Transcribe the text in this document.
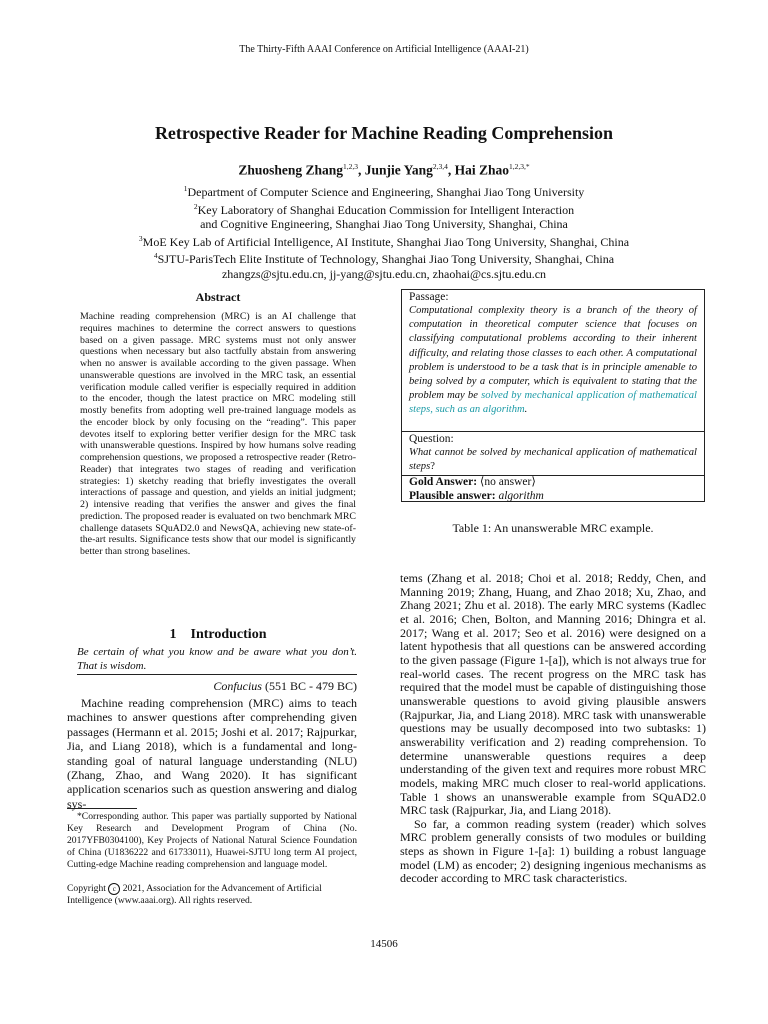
The Thirty-Fifth AAAI Conference on Artificial Intelligence (AAAI-21)
Retrospective Reader for Machine Reading Comprehension
Zhuosheng Zhang$^{1,2,3}$, Junjie Yang$^{2,3,4}$, Hai Zhao$^{1,2,3,*}$
$^1$Department of Computer Science and Engineering, Shanghai Jiao Tong University
$^2$Key Laboratory of Shanghai Education Commission for Intelligent Interaction
and Cognitive Engineering, Shanghai Jiao Tong University, Shanghai, China
$^3$MoE Key Lab of Artificial Intelligence, AI Institute, Shanghai Jiao Tong University, Shanghai, China
$^4$SJTU-ParisTech Elite Institute of Technology, Shanghai Jiao Tong University, Shanghai, China
zhangzs@sjtu.edu.cn, jj-yang@sjtu.edu.cn, zhaohai@cs.sjtu.edu.cn
Abstract
Machine reading comprehension (MRC) is an AI challenge that requires machines to determine the correct answers to questions based on a given passage. MRC systems must not only answer questions when necessary but also tactfully abstain from answering when no answer is available according to the given passage. When unanswerable questions are involved in the MRC task, an essential verification module called verifier is especially required in addition to the encoder, though the latest practice on MRC modeling still mostly benefits from adopting well pre-trained language models as the encoder block by only focusing on the “reading”. This paper devotes itself to exploring better verifier design for the MRC task with unanswerable questions. Inspired by how humans solve reading comprehension questions, we proposed a retrospective reader (Retro-Reader) that integrates two stages of reading and verification strategies: 1) sketchy reading that briefly investigates the overall interactions of passage and question, and yields an initial judgment; 2) intensive reading that verifies the answer and gives the final prediction. The proposed reader is evaluated on two benchmark MRC challenge datasets SQuAD2.0 and NewsQA, achieving new state-of-the-art results. Significance tests show that our model is significantly better than strong baselines.
1 Introduction
Be certain of what you know and be aware what you don’t. That is wisdom.
Confucius (551 BC - 479 BC)
Machine reading comprehension (MRC) aims to teach machines to answer questions after comprehending given passages (Hermann et al. 2015; Joshi et al. 2017; Rajpurkar, Jia, and Liang 2018), which is a fundamental and long-standing goal of natural language understanding (NLU) (Zhang, Zhao, and Wang 2020). It has significant application scenarios such as question answering and dialog sys-
*Corresponding author. This paper was partially supported by National Key Research and Development Program of China (No. 2017YFB0304100), Key Projects of National Natural Science Foundation of China (U1836222 and 61733011), Huawei-SJTU long term AI project, Cutting-edge Machine reading comprehension and language model.
Copyright c 2021, Association for the Advancement of Artificial Intelligence (www.aaai.org). All rights reserved.
Passage:
Computational complexity theory is a branch of the theory of computation in theoretical computer science that focuses on classifying computational problems according to their inherent difficulty, and relating those classes to each other. A computational problem is understood to be a task that is in principle amenable to being solved by a computer, which is equivalent to stating that the problem may be solved by mechanical application of mathematical steps, such as an algorithm.
Question:
What cannot be solved by mechanical application of mathematical steps?
Gold Answer: ⟨no answer⟩
Plausible answer: algorithm
Table 1: An unanswerable MRC example.

tems (Zhang et al. 2018; Choi et al. 2018; Reddy, Chen, and Manning 2019; Zhang, Huang, and Zhao 2018; Xu, Zhao, and Zhang 2021; Zhu et al. 2018). The early MRC systems (Kadlec et al. 2016; Chen, Bolton, and Manning 2016; Dhingra et al. 2017; Wang et al. 2017; Seo et al. 2016) were designed on a latent hypothesis that all questions can be answered according to the given passage (Figure 1-[a]), which is not always true for real-world cases. The recent progress on the MRC task has required that the model must be capable of distinguishing those unanswerable questions to avoid giving plausible answers (Rajpurkar, Jia, and Liang 2018). MRC task with unanswerable questions may be usually decomposed into two subtasks: 1) answerability verification and 2) reading comprehension. To determine unanswerable questions requires a deep understanding of the given text and requires more robust MRC models, making MRC much closer to real-world applications. Table 1 shows an unanswerable example from SQuAD2.0 MRC task (Rajpurkar, Jia, and Liang 2018).

So far, a common reading system (reader) which solves MRC problem generally consists of two modules or building steps as shown in Figure 1-[a]: 1) building a robust language model (LM) as encoder; 2) designing ingenious mechanisms as decoder according to MRC task characteristics.

14506
